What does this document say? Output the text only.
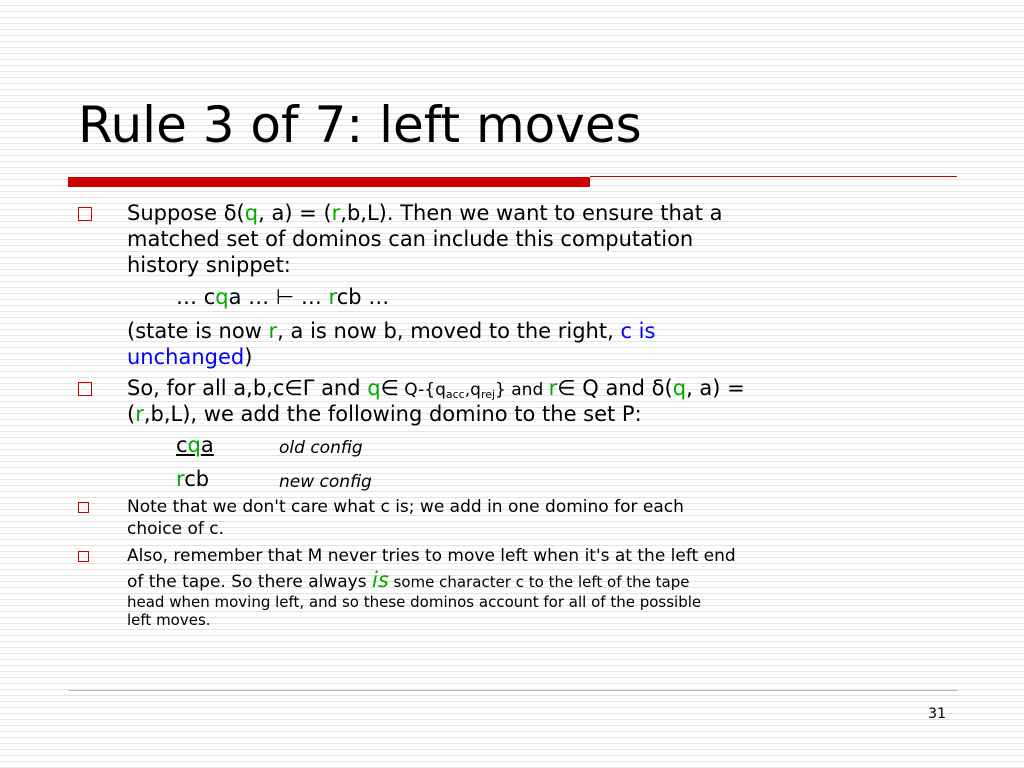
Rule 3 of 7: left moves
Suppose δ(q, a) = (r,b,L). Then we want to ensure that a
matched set of dominos can include this computation
history snippet:
… cqa … ⊢ … rcb …
(state is now r, a is now b, moved to the right, c is
unchanged)
So, for all a,b,c∈Γ and q∈ $Q-\{q_{acc},q_{rej}\}$ and r∈ Q and δ(q, a) =
(r,b,L), we add the following domino to the set P:
cqa	old config
rcb	new config
Note that we don't care what c is; we add in one domino for each
choice of c.
Also, remember that M never tries to move left when it's at the left end
of the tape. So there always is some character c to the left of the tape
head when moving left, and so these dominos account for all of the possible
left moves.
31
